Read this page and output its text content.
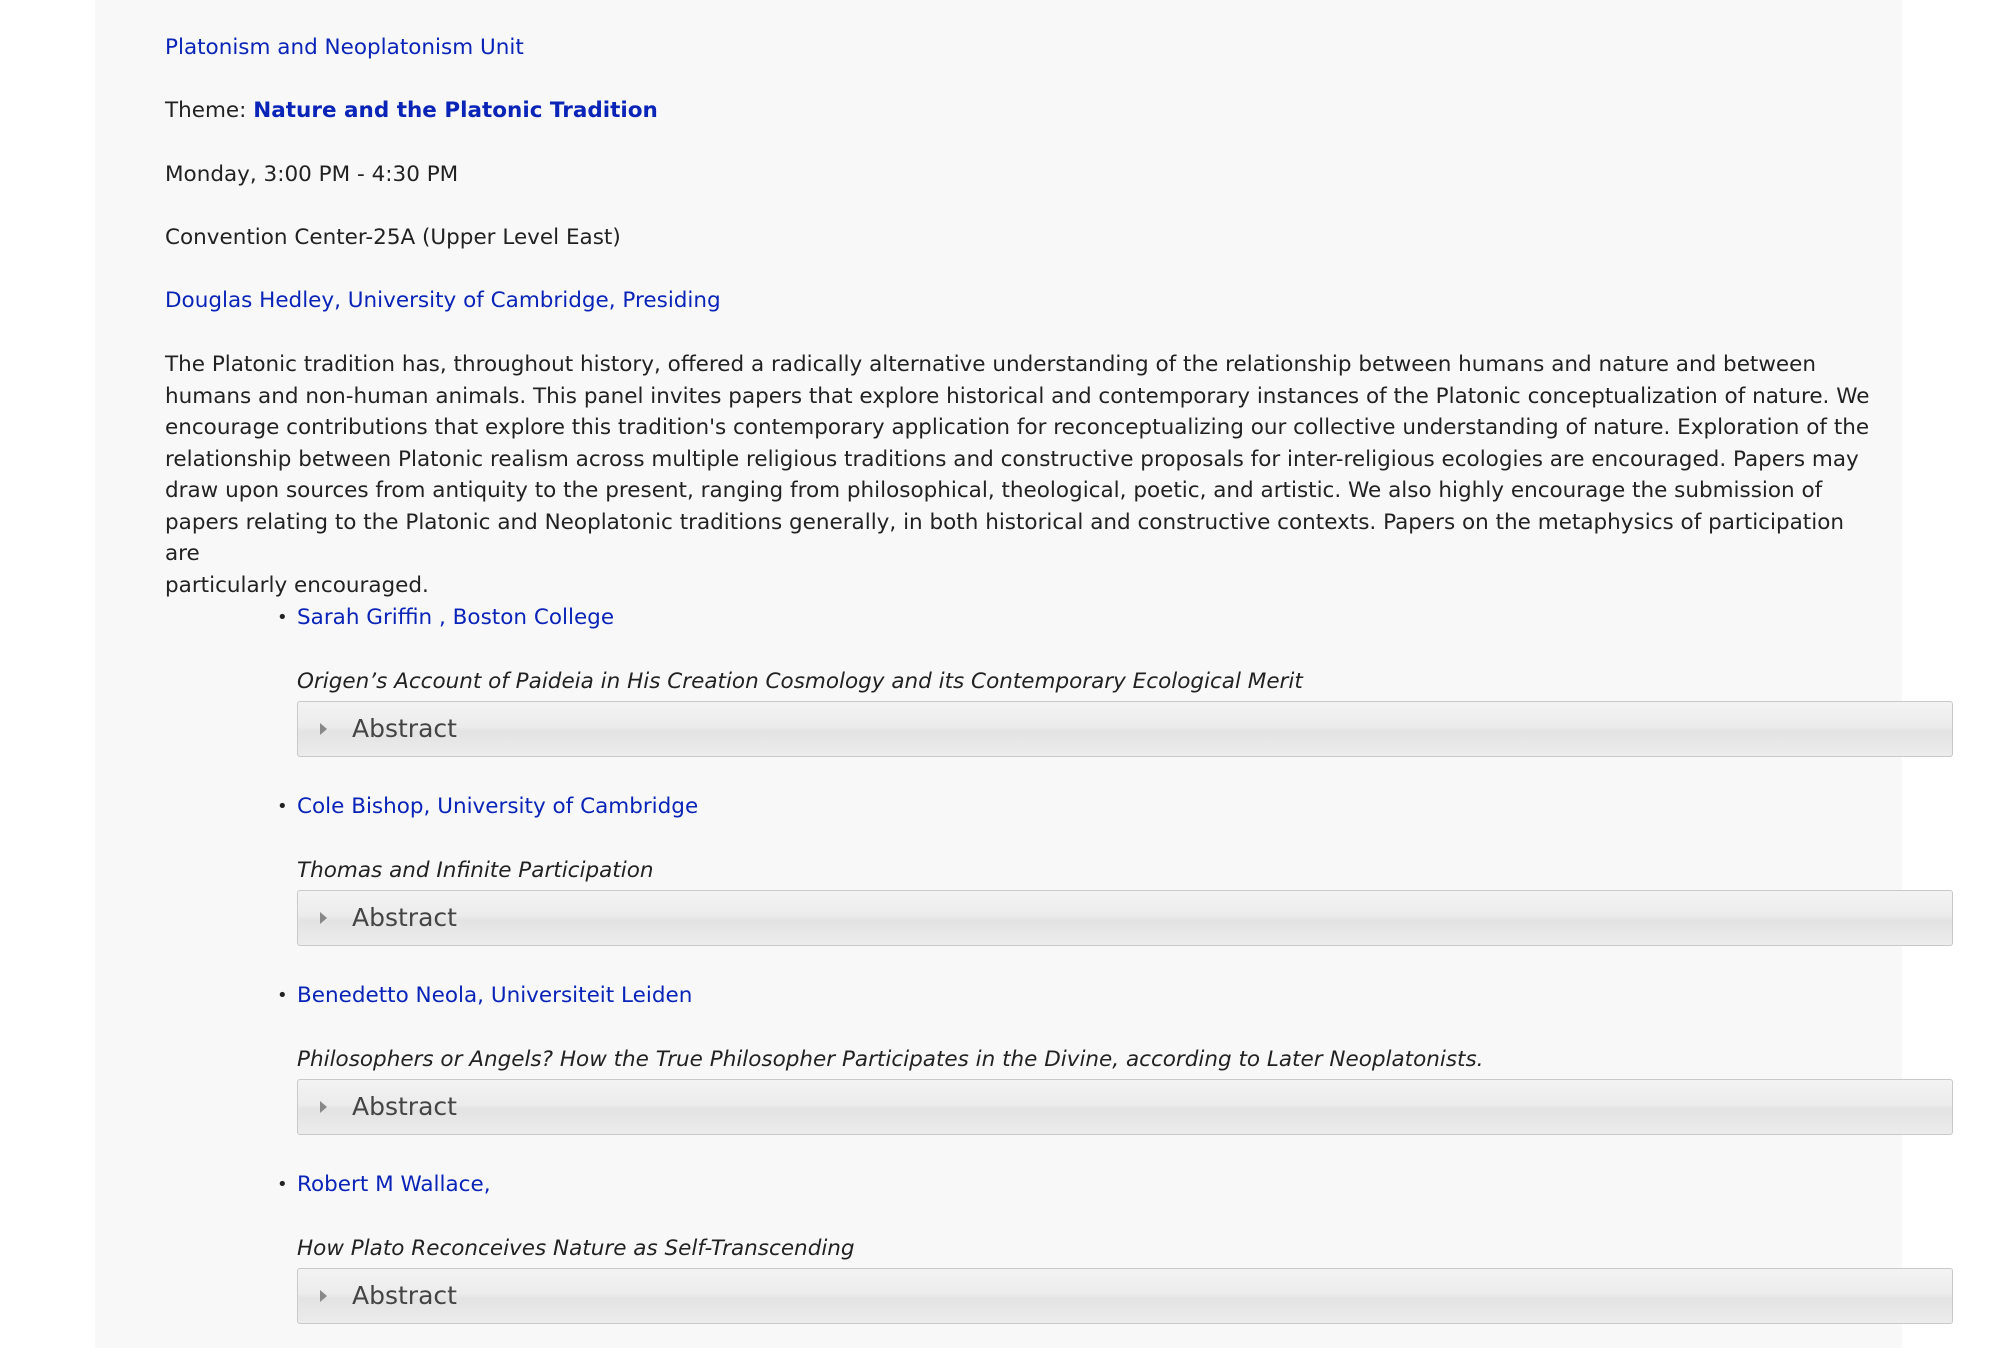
Platonism and Neoplatonism Unit

Theme: Nature and the Platonic Tradition

Monday, 3:00 PM - 4:30 PM

Convention Center-25A (Upper Level East)

Douglas Hedley, University of Cambridge, Presiding

The Platonic tradition has, throughout history, offered a radically alternative understanding of the relationship between humans and nature and between
humans and non-human animals. This panel invites papers that explore historical and contemporary instances of the Platonic conceptualization of nature. We
encourage contributions that explore this tradition's contemporary application for reconceptualizing our collective understanding of nature. Exploration of the
relationship between Platonic realism across multiple religious traditions and constructive proposals for inter-religious ecologies are encouraged. Papers may
draw upon sources from antiquity to the present, ranging from philosophical, theological, poetic, and artistic. We also highly encourage the submission of
papers relating to the Platonic and Neoplatonic traditions generally, in both historical and constructive contexts. Papers on the metaphysics of participation are
particularly encouraged.
• Sarah Griffin , Boston College
Origen’s Account of Paideia in His Creation Cosmology and its Contemporary Ecological Merit
Abstract
• Cole Bishop, University of Cambridge
Thomas and Infinite Participation
Abstract
• Benedetto Neola, Universiteit Leiden
Philosophers or Angels? How the True Philosopher Participates in the Divine, according to Later Neoplatonists.
Abstract
• Robert M Wallace,
How Plato Reconceives Nature as Self-Transcending
Abstract
